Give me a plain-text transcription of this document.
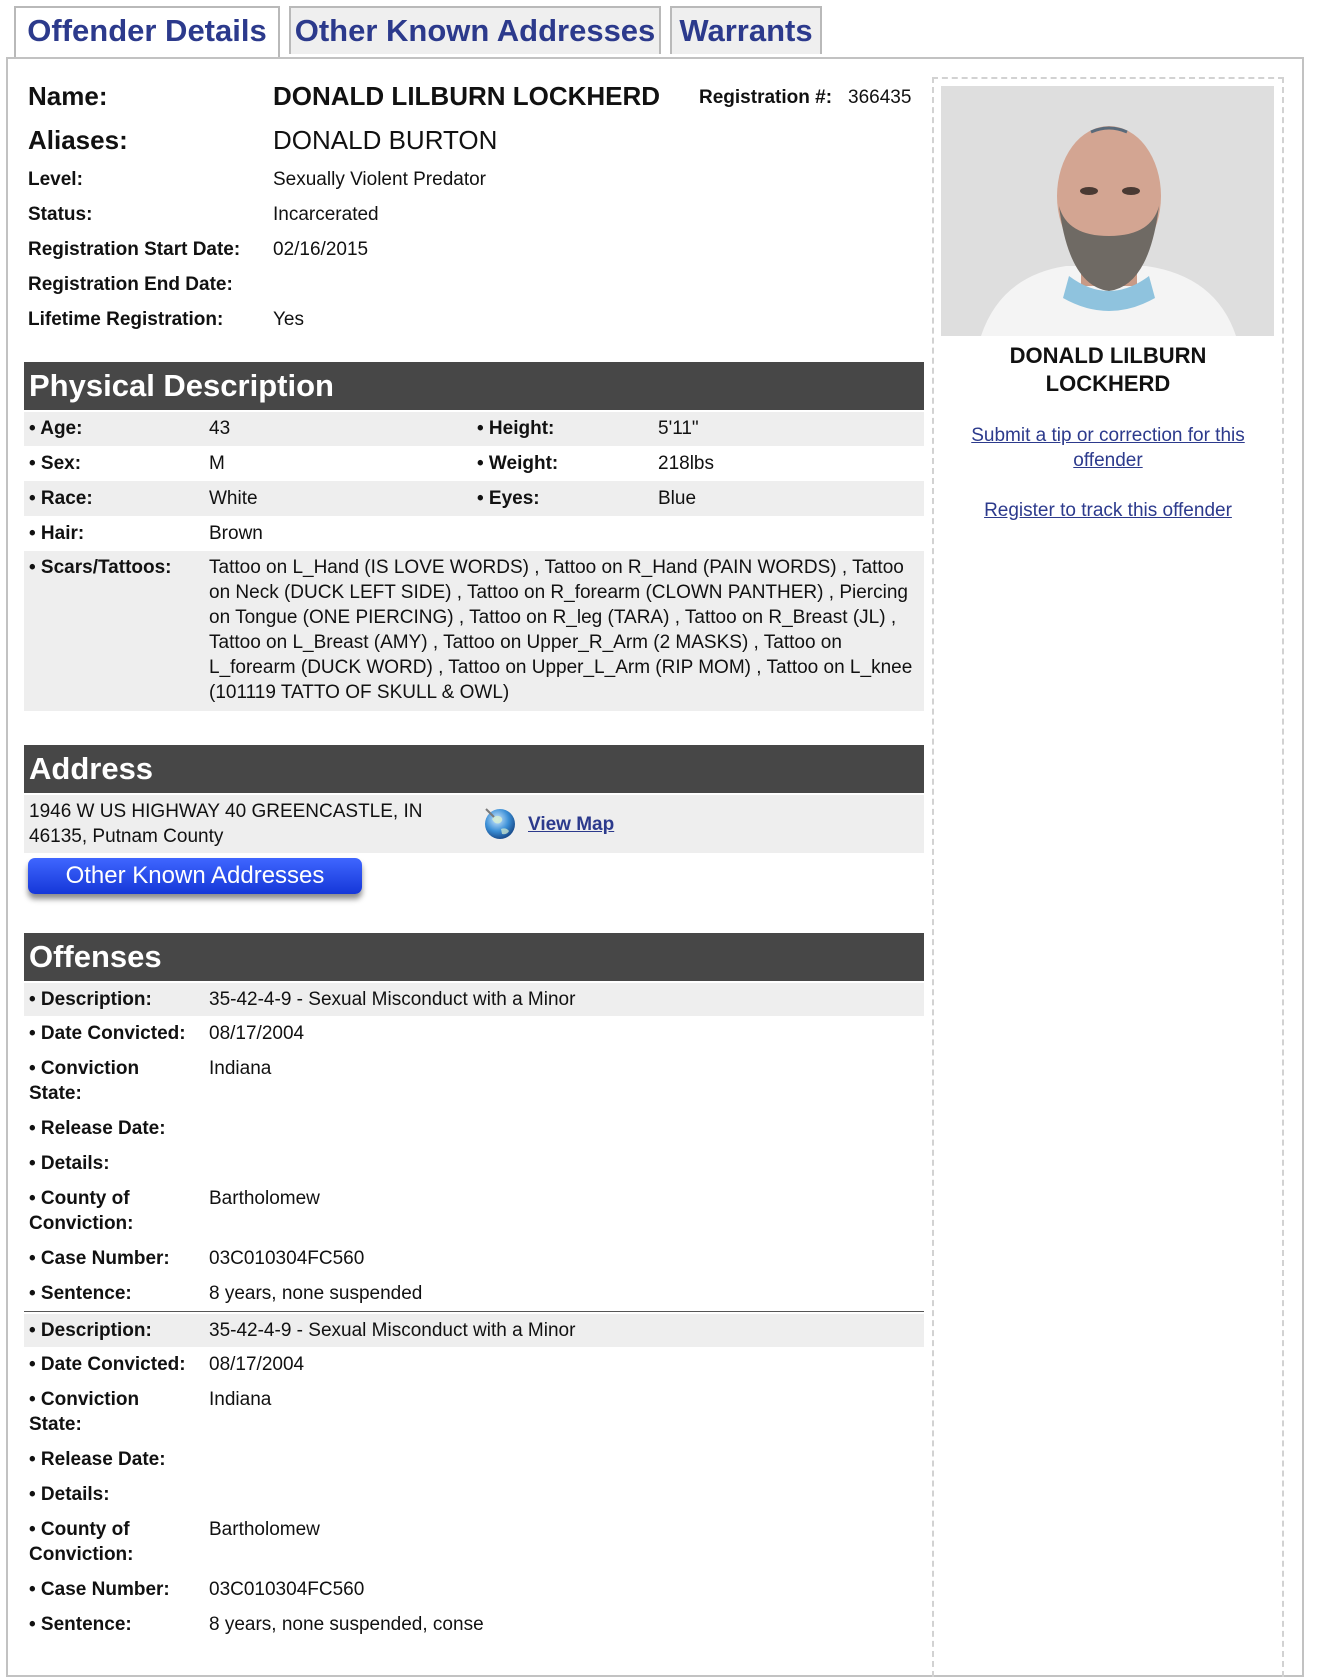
Offender Details Other Known Addresses Warrants
Name:	DONALD LILBURN LOCKHERD Registration #: 366435
Aliases:	DONALD BURTON
Level:	Sexually Violent Predator
Status:	Incarcerated
Registration Start Date: 02/16/2015
Registration End Date:
Lifetime Registration:	Yes
Physical Description
• Age:	43	• Height:	5'11"
• Sex:	M	• Weight:	218lbs
• Race:	White	• Eyes:	Blue
• Hair:	Brown
• Scars/Tattoos: Tattoo on L_Hand (IS LOVE WORDS) , Tattoo on R_Hand (PAIN WORDS) , Tattoo on Neck (DUCK LEFT SIDE) , Tattoo on R_forearm (CLOWN PANTHER) , Piercing on Tongue (ONE PIERCING) , Tattoo on R_leg (TARA) , Tattoo on R_Breast (JL) , Tattoo on L_Breast (AMY) , Tattoo on Upper_R_Arm (2 MASKS) , Tattoo on L_forearm (DUCK WORD) , Tattoo on Upper_L_Arm (RIP MOM) , Tattoo on L_knee (101119 TATTO OF SKULL & OWL)
Address
1946 W US HIGHWAY 40 GREENCASTLE, IN
46135, Putnam County
View Map
Other Known Addresses
Offenses
• Description:	35-42-4-9 - Sexual Misconduct with a Minor
• Date Convicted: 08/17/2004
• Conviction
State:
Indiana
• Release Date:
• Details:
• County of
Conviction:
Bartholomew
• Case Number: 03C010304FC560
• Sentence:	8 years, none suspended
• Description:	35-42-4-9 - Sexual Misconduct with a Minor
• Date Convicted: 08/17/2004
• Conviction
State:
Indiana
• Release Date:
• Details:
• County of
Conviction:
Bartholomew
• Case Number: 03C010304FC560
• Sentence:	8 years, none suspended, conse
DONALD LILBURN
LOCKHERD
Submit a tip or correction for this
offender
Register to track this offender
